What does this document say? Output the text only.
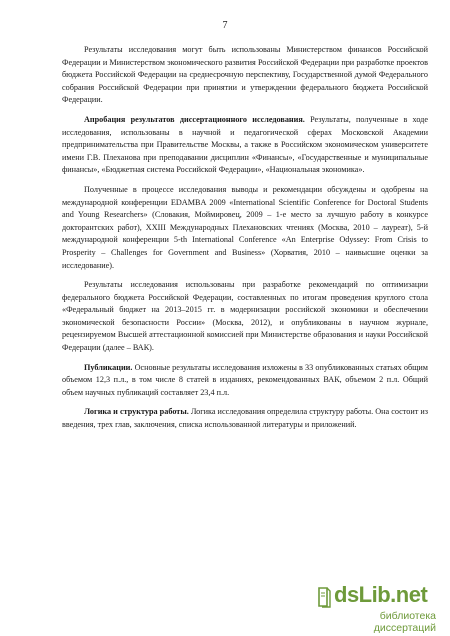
7

Результаты исследования могут быть использованы Министерством финансов Российской Федерации и Министерством экономического развития Российской Федерации при разработке проектов бюджета Российской Федерации на среднесрочную перспективу, Государственной думой Федерального собрания Российской Федерации при принятии и утверждении федерального бюджета Российской Федерации.

Апробация результатов диссертационного исследования. Результаты, полученные в ходе исследования, использованы в научной и педагогической сферах Московской Академии предпринимательства при Правительстве Москвы, а также в Российском экономическом университете имени Г.В. Плеханова при преподавании дисциплин «Финансы», «Государственные и муниципальные финансы», «Бюджетная система Российской Федерации», «Национальная экономика».

Полученные в процессе исследования выводы и рекомендации обсуждены и одобрены на международной конференции EDAMBA 2009 «International Scientific Conference for Doctoral Students and Young Researchers» (Словакия, Моймировец, 2009 – 1-е место за лучшую работу в конкурсе докторантских работ), XXIII Международных Плехановских чтениях (Москва, 2010 – лауреат), 5-й международной конференции 5-th International Conference «An Enterprise Odyssey: From Crisis to Prosperity – Challenges for Government and Business» (Хорватия, 2010 – наивысшие оценки за исследование).

Результаты исследования использованы при разработке рекомендаций по оптимизации федерального бюджета Российской Федерации, составленных по итогам проведения круглого стола «Федеральный бюджет на 2013–2015 гг. в модернизации российской экономики и обеспечении экономической безопасности России» (Москва, 2012), и опубликованы в научном журнале, рецензируемом Высшей аттестационной комиссией при Министерстве образования и науки Российской Федерации (далее – ВАК).

Публикации. Основные результаты исследования изложены в 33 опубликованных статьях общим объемом 12,3 п.л., в том числе 8 статей в изданиях, рекомендованных ВАК, объемом 2 п.л. Общий объем научных публикаций составляет 23,4 п.л.

Логика и структура работы. Логика исследования определила структуру работы. Она состоит из введения, трех глав, заключения, списка использованной литературы и приложений.

dsLib.net
библиотека диссертаций
